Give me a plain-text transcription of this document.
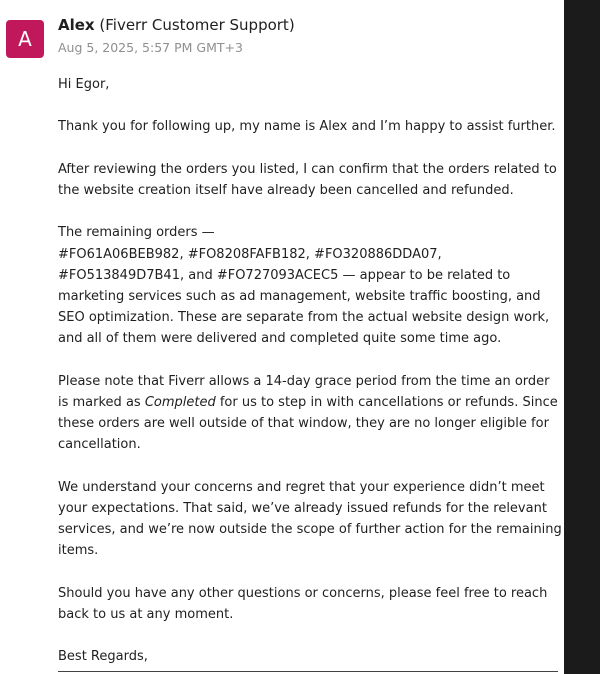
A
Alex (Fiverr Customer Support)
Aug 5, 2025, 5:57 PM GMT+3

Hi Egor,

Thank you for following up, my name is Alex and I’m happy to assist further.

After reviewing the orders you listed, I can confirm that the orders related to the website creation itself have already been cancelled and refunded.

The remaining orders —
#FO61A06BEB982, #FO8208FAFB182, #FO320886DDA07,
#FO513849D7B41, and #FO727093ACEC5 — appear to be related to marketing services such as ad management, website traffic boosting, and SEO optimization. These are separate from the actual website design work, and all of them were delivered and completed quite some time ago.

Please note that Fiverr allows a 14-day grace period from the time an order is marked as Completed for us to step in with cancellations or refunds. Since these orders are well outside of that window, they are no longer eligible for cancellation.

We understand your concerns and regret that your experience didn’t meet your expectations. That said, we’ve already issued refunds for the relevant services, and we’re now outside the scope of further action for the remaining items.

Should you have any other questions or concerns, please feel free to reach back to us at any moment.

Best Regards,
